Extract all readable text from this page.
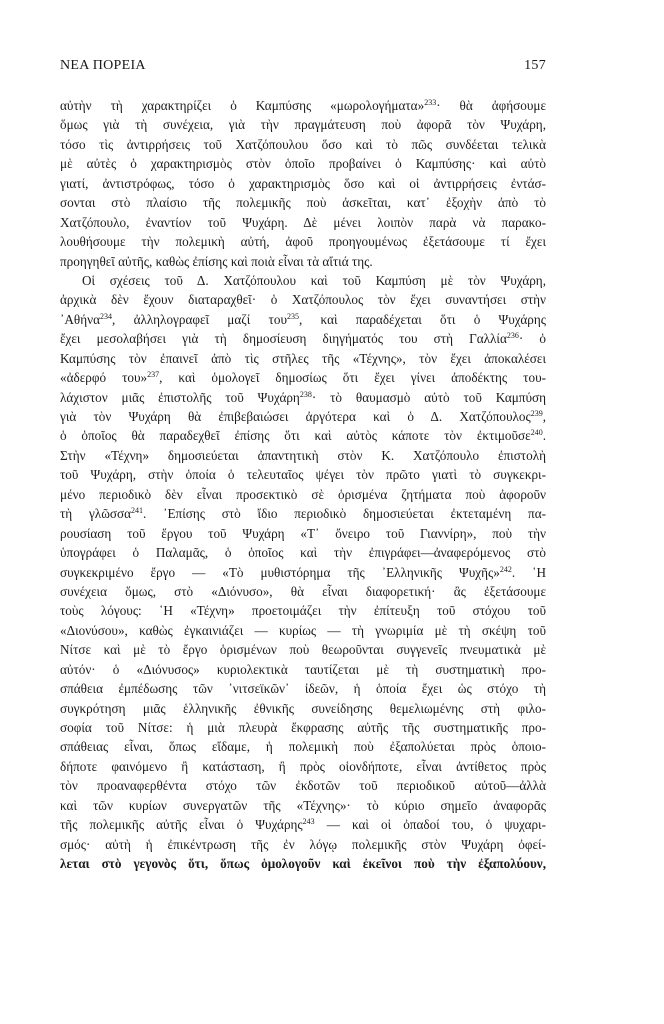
ΝΕΑ ΠΟΡΕΙΑ	157
αὐτὴν τὴ χαρακτηρίζει ὁ Καμπύσης «μωρολογήματα»$^{233}$· θὰ ἀφήσουμε
ὅμως γιὰ τὴ συνέχεια, γιὰ τὴν πραγμάτευση ποὺ ἀφορᾶ τὸν Ψυχάρη,
τόσο τὶς ἀντιρρήσεις τοῦ Χατζόπουλου ὅσο καὶ τὸ πῶς συνδέεται τελικὰ
μὲ αὐτὲς ὁ χαρακτηρισμὸς στὸν ὁποῖο προβαίνει ὁ Καμπύσης· καὶ αὐτὸ
γιατί, ἀντιστρόφως, τόσο ὁ χαρακτηρισμὸς ὅσο καὶ οἱ ἀντιρρήσεις ἐντάσ-
σονται στὸ πλαίσιο τῆς πολεμικῆς ποὺ ἀσκεῖται, κατ᾽ ἐξοχὴν ἀπὸ τὸ
Χατζόπουλο, ἐναντίον τοῦ Ψυχάρη. Δὲ μένει λοιπὸν παρὰ νὰ παρακο-
λουθήσουμε τὴν πολεμικὴ αὐτή, ἀφοῦ προηγουμένως ἐξετάσουμε τί ἔχει
προηγηθεῖ αὐτῆς, καθὼς ἐπίσης καὶ ποιὰ εἶναι τὰ αἴτιά της.
Οἱ σχέσεις τοῦ Δ. Χατζόπουλου καὶ τοῦ Καμπύση μὲ τὸν Ψυχάρη,
ἀρχικὰ δὲν ἔχουν διαταραχθεῖ· ὁ Χατζόπουλος τὸν ἔχει συναντήσει στὴν
᾽Αθήνα$^{234}$, ἀλληλογραφεῖ μαζί του$^{235}$, καὶ παραδέχεται ὅτι ὁ Ψυχάρης
ἔχει μεσολαβήσει γιὰ τὴ δημοσίευση διηγήματός του στὴ Γαλλία$^{236}$· ὁ
Καμπύσης τὸν ἐπαινεῖ ἀπὸ τὶς στῆλες τῆς «Τέχνης», τὸν ἔχει ἀποκαλέσει
«ἀδερφό του»$^{237}$, καὶ ὁμολογεῖ δημοσίως ὅτι ἔχει γίνει ἀποδέκτης του-
λάχιστον μιᾶς ἐπιστολῆς τοῦ Ψυχάρη$^{238}$· τὸ θαυμασμὸ αὐτὸ τοῦ Καμπύση
γιὰ τὸν Ψυχάρη θὰ ἐπιβεβαιώσει ἀργότερα καὶ ὁ Δ. Χατζόπουλος$^{239}$,
ὁ ὁποῖος θὰ παραδεχθεῖ ἐπίσης ὅτι καὶ αὐτὸς κάποτε τὸν ἐκτιμοῦσε$^{240}$.
Στὴν «Τέχνη» δημοσιεύεται ἀπαντητικὴ στὸν Κ. Χατζόπουλο ἐπιστολὴ
τοῦ Ψυχάρη, στὴν ὁποία ὁ τελευταῖος ψέγει τὸν πρῶτο γιατὶ τὸ συγκεκρι-
μένο περιοδικὸ δὲν εἶναι προσεκτικὸ σὲ ὁρισμένα ζητήματα ποὺ ἀφοροῦν
τὴ γλῶσσα$^{241}$. ᾽Επίσης στὸ ἴδιο περιοδικὸ δημοσιεύεται ἐκτεταμένη πα-
ρουσίαση τοῦ ἔργου τοῦ Ψυχάρη «Τ᾽ ὄνειρο τοῦ Γιαννίρη», ποὺ τὴν
ὑπογράφει ὁ Παλαμᾶς, ὁ ὁποῖος καὶ τὴν ἐπιγράφει—ἀναφερόμενος στὸ
συγκεκριμένο ἔργο — «Τὸ μυθιστόρημα τῆς ᾽Ελληνικῆς Ψυχῆς»$^{242}$. ῾Η
συνέχεια ὅμως, στὸ «Διόνυσο», θὰ εἶναι διαφορετική· ἂς ἐξετάσουμε
τοὺς λόγους: ῾Η «Τέχνη» προετοιμάζει τὴν ἐπίτευξη τοῦ στόχου τοῦ
«Διονύσου», καθὼς ἐγκαινιάζει — κυρίως — τὴ γνωριμία μὲ τὴ σκέψη τοῦ
Νίτσε καὶ μὲ τὸ ἔργο ὁρισμένων ποὺ θεωροῦνται συγγενεῖς πνευματικὰ μὲ
αὐτόν· ὁ «Διόνυσος» κυριολεκτικὰ ταυτίζεται μὲ τὴ συστηματικὴ προ-
σπάθεια ἐμπέδωσης τῶν ᾽νιτσεϊκῶν᾽ ἰδεῶν, ἡ ὁποία ἔχει ὡς στόχο τὴ
συγκρότηση μιᾶς ἑλληνικῆς ἐθνικῆς συνείδησης θεμελιωμένης στὴ φιλο-
σοφία τοῦ Νίτσε: ἡ μιὰ πλευρὰ ἔκφρασης αὐτῆς τῆς συστηματικῆς προ-
σπάθειας εἶναι, ὅπως εἴδαμε, ἡ πολεμικὴ ποὺ ἐξαπολύεται πρὸς ὁποιο-
δήποτε φαινόμενο ἢ κατάσταση, ἢ πρὸς οἱονδήποτε, εἶναι ἀντίθετος πρὸς
τὸν προαναφερθέντα στόχο τῶν ἐκδοτῶν τοῦ περιοδικοῦ αὐτοῦ—ἀλλὰ
καὶ τῶν κυρίων συνεργατῶν τῆς «Τέχνης»· τὸ κύριο σημεῖο ἀναφορᾶς
τῆς πολεμικῆς αὐτῆς εἶναι ὁ Ψυχάρης$^{243}$ — καὶ οἱ ὀπαδοί του, ὁ ψυχαρι-
σμός· αὐτὴ ἡ ἐπικέντρωση τῆς ἐν λόγῳ πολεμικῆς στὸν Ψυχάρη ὀφεί-
λεται στὸ γεγονὸς ὅτι, ὅπως ὁμολογοῦν καὶ ἐκεῖνοι ποὺ τὴν ἐξαπολύουν,
